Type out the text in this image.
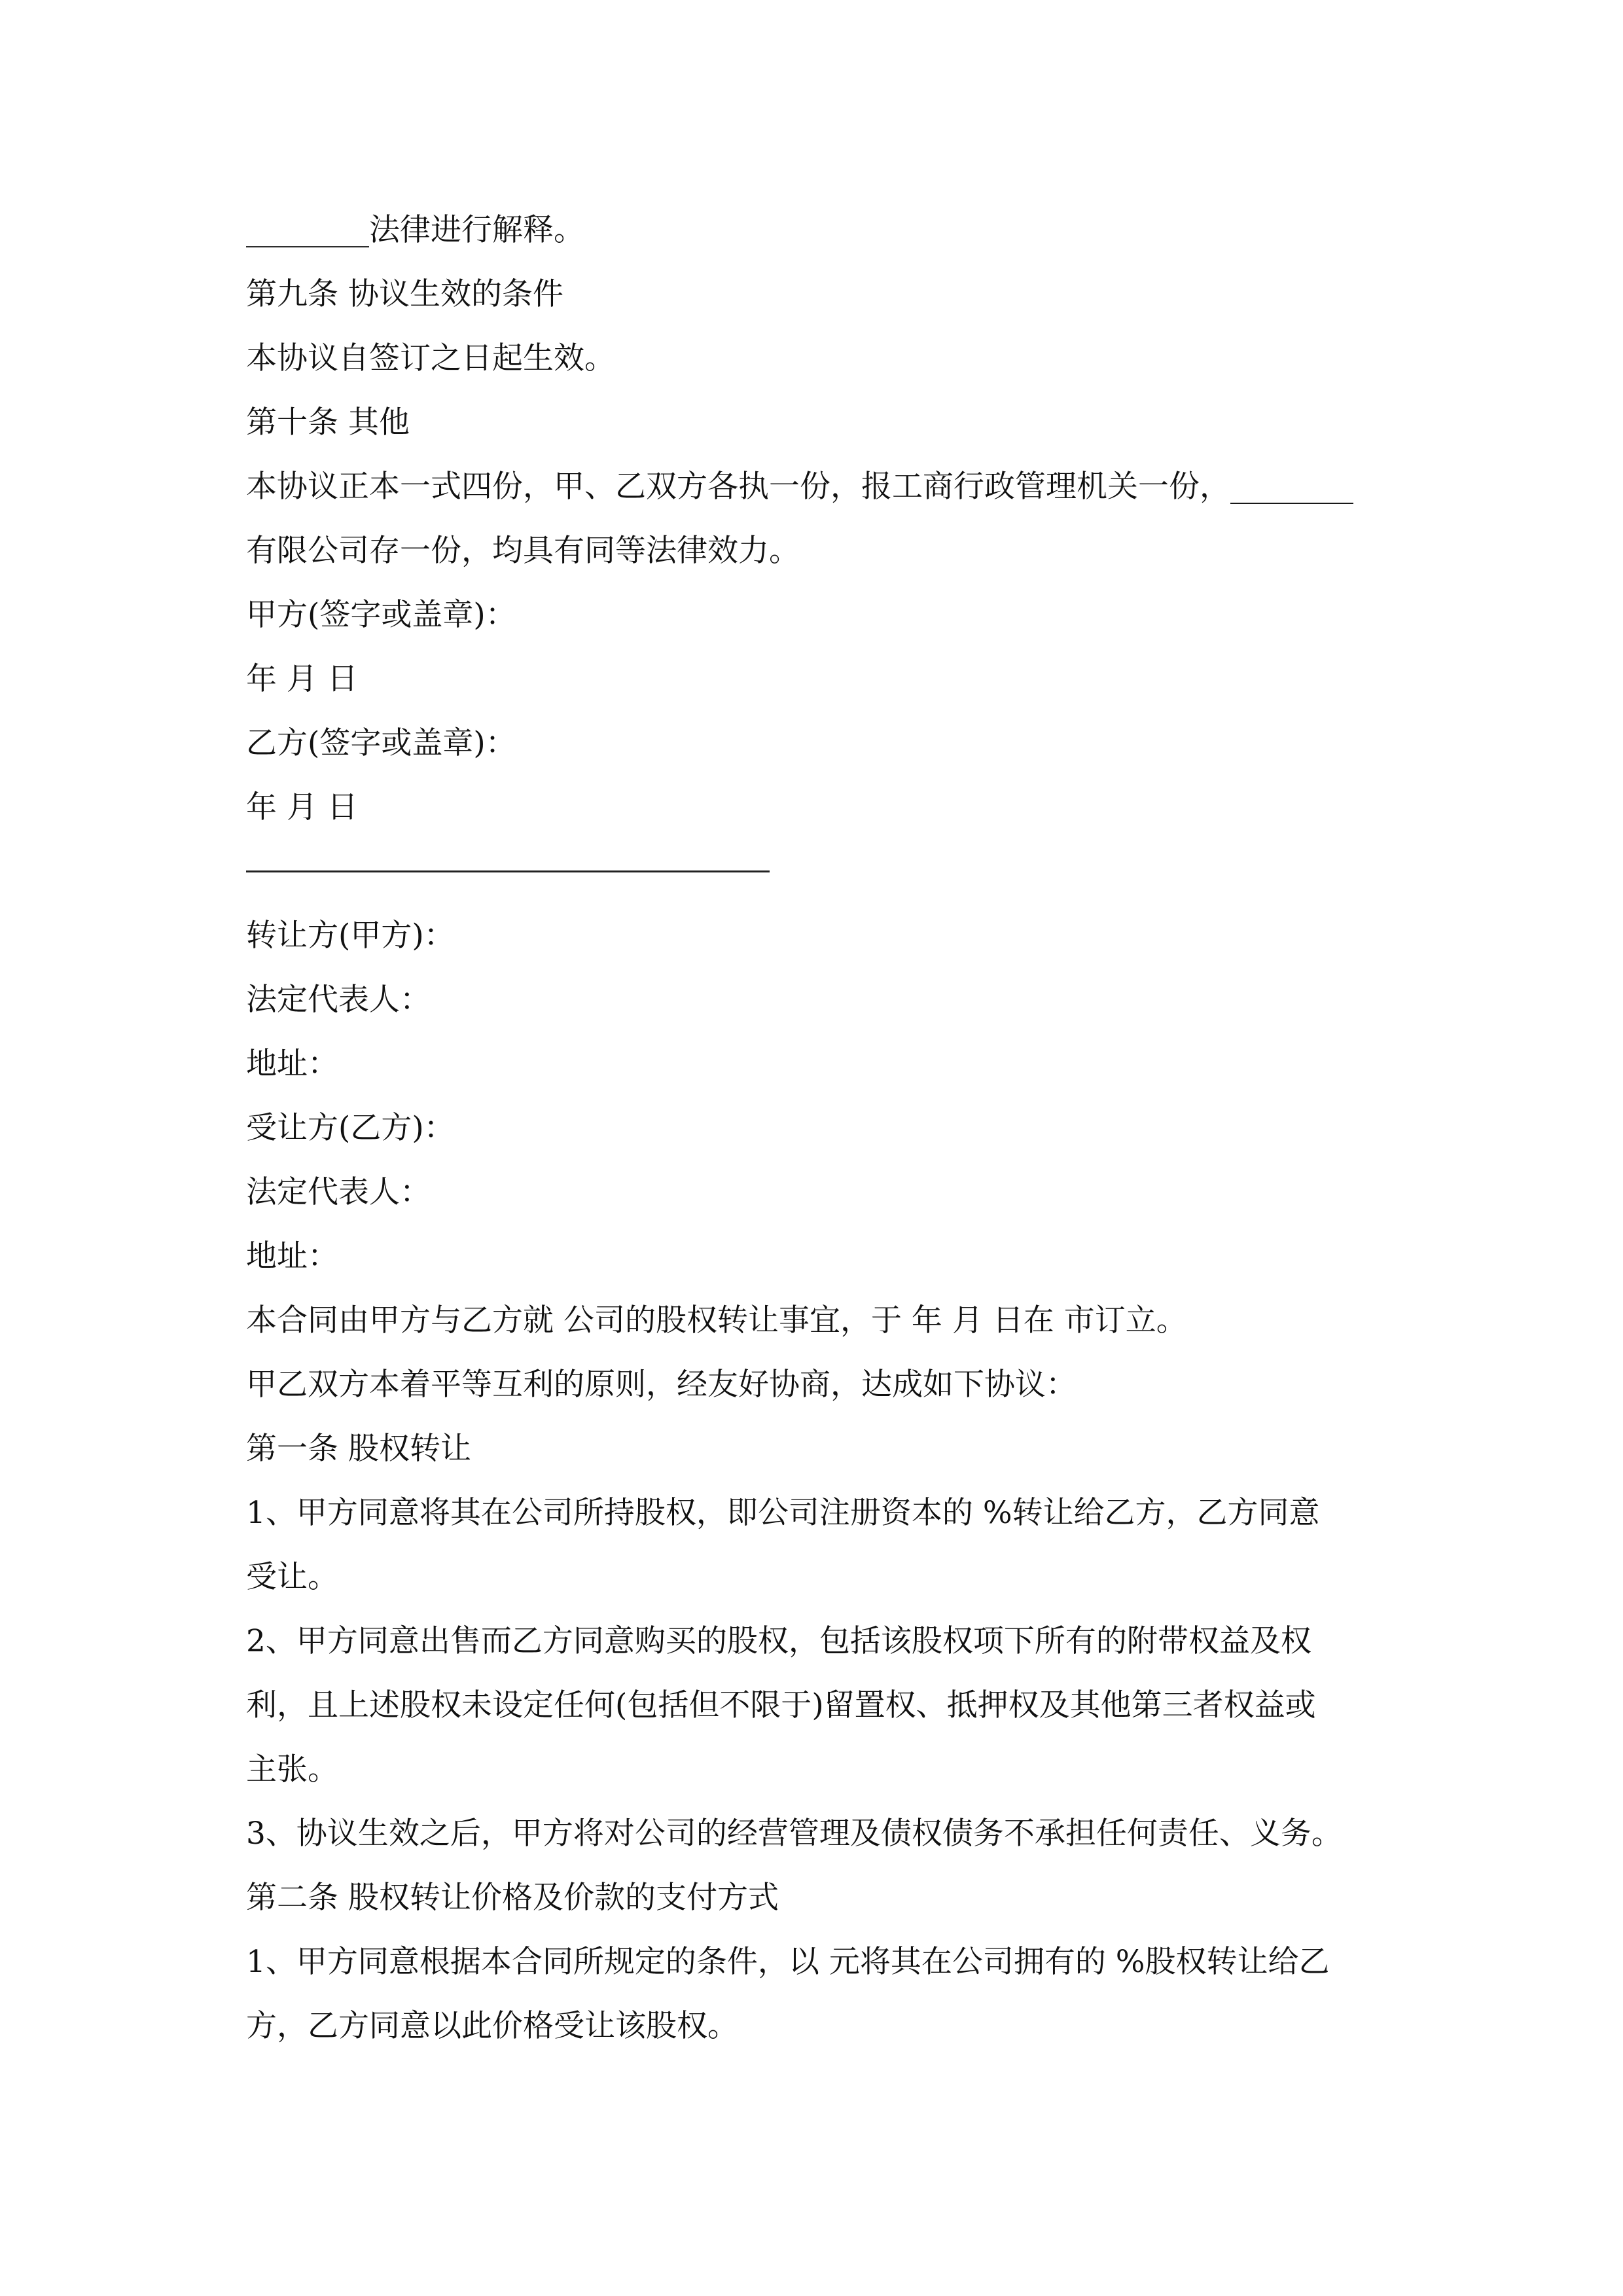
________法律进行解释。
第九条 协议生效的条件
本协议自签订之日起生效。
第十条 其他
本协议正本一式四份，甲、乙双方各执一份，报工商行政管理机关一份，________
有限公司存一份，均具有同等法律效力。
甲方(签字或盖章)：
年 月 日
乙方(签字或盖章)：
年 月 日
转让方(甲方)：
法定代表人：
地址：
受让方(乙方)：
法定代表人：
地址：
本合同由甲方与乙方就 公司的股权转让事宜，于 年 月 日在 市订立。
甲乙双方本着平等互利的原则，经友好协商，达成如下协议：
第一条 股权转让
1、甲方同意将其在公司所持股权，即公司注册资本的 %转让给乙方，乙方同意
受让。
2、甲方同意出售而乙方同意购买的股权，包括该股权项下所有的附带权益及权
利，且上述股权未设定任何(包括但不限于)留置权、抵押权及其他第三者权益或
主张。
3、协议生效之后，甲方将对公司的经营管理及债权债务不承担任何责任、义务。
第二条 股权转让价格及价款的支付方式
1、甲方同意根据本合同所规定的条件，以 元将其在公司拥有的 %股权转让给乙
方，乙方同意以此价格受让该股权。
